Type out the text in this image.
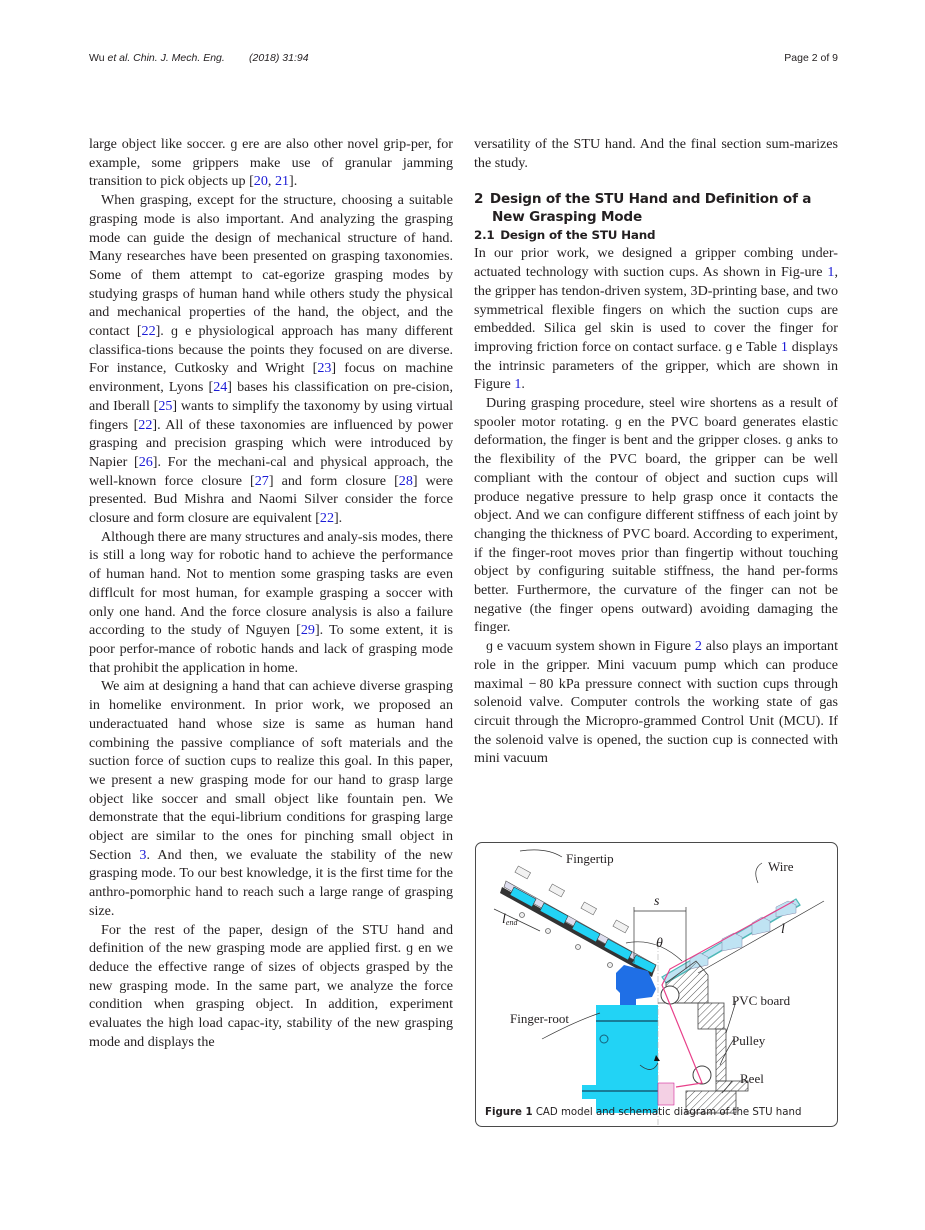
Wu et al. Chin. J. Mech. Eng. (2018) 31:94	Page 2 of 9

large object like soccer. ɡ ere are also other novel grip-per, for example, some grippers make use of granular jamming transition to pick objects up [20, 21].

When grasping, except for the structure, choosing a suitable grasping mode is also important. And analyzing the grasping mode can guide the design of mechanical structure of hand. Many researches have been presented on grasping taxonomies. Some of them attempt to cat-egorize grasping modes by studying grasps of human hand while others study the physical and mechanical properties of the hand, the object, and the contact [22]. ɡ e physiological approach has many different classifica-tions because the points they focused on are diverse. For instance, Cutkosky and Wright [23] focus on machine environment, Lyons [24] bases his classification on pre-cision, and Iberall [25] wants to simplify the taxonomy by using virtual fingers [22]. All of these taxonomies are influenced by power grasping and precision grasping which were introduced by Napier [26]. For the mechani-cal and physical approach, the well-known force closure [27] and form closure [28] were presented. Bud Mishra and Naomi Silver consider the force closure and form closure are equivalent [22].

Although there are many structures and analy-sis modes, there is still a long way for robotic hand to achieve the performance of human hand. Not to mention some grasping tasks are even difflcult for most human, for example grasping a soccer with only one hand. And the force closure analysis is also a failure according to the study of Nguyen [29]. To some extent, it is poor perfor-mance of robotic hands and lack of grasping mode that prohibit the application in home.

We aim at designing a hand that can achieve diverse grasping in homelike environment. In prior work, we proposed an underactuated hand whose size is same as human hand combining the passive compliance of soft materials and the suction force of suction cups to realize this goal. In this paper, we present a new grasping mode for our hand to grasp large object like soccer and small object like fountain pen. We demonstrate that the equi-librium conditions for grasping large object are similar to the ones for pinching small object in Section 3. And then, we evaluate the stability of the new grasping mode. To our best knowledge, it is the first time for the anthro-pomorphic hand to reach such a large range of grasping size.

For the rest of the paper, design of the STU hand and definition of the new grasping mode are applied first. ɡ en we deduce the effective range of sizes of objects grasped by the new grasping mode. In the same part, we analyze the force condition when grasping object. In addition, experiment evaluates the high load capac-ity, stability of the new grasping mode and displays the

versatility of the STU hand. And the final section sum-marizes the study.

2 Design of the STU Hand and Definition of a New Grasping Mode
2.1 Design of the STU Hand

In our prior work, we designed a gripper combing under-actuated technology with suction cups. As shown in Fig-ure 1, the gripper has tendon-driven system, 3D-printing base, and two symmetrical flexible fingers on which the suction cups are embedded. Silica gel skin is used to cover the finger for improving friction force on contact surface. ɡ e Table 1 displays the intrinsic parameters of the gripper, which are shown in Figure 1.

During grasping procedure, steel wire shortens as a result of spooler motor rotating. ɡ en the PVC board generates elastic deformation, the finger is bent and the gripper closes. ɡ anks to the flexibility of the PVC board, the gripper can be well compliant with the contour of object and suction cups will produce negative pressure to help grasp once it contacts the object. And we can configure different stiffness of each joint by changing the thickness of PVC board. According to experiment, if the finger-root moves prior than fingertip without touching object by configuring suitable stiffness, the hand per-forms better. Furthermore, the curvature of the finger can not be negative (the finger opens outward) avoiding damaging the finger.

ɡ e vacuum system shown in Figure 2 also plays an important role in the gripper. Mini vacuum pump which can produce maximal − 80 kPa pressure connect with suction cups through solenoid valve. Computer controls the working state of gas circuit through the Micropro-grammed Control Unit (MCU). If the solenoid valve is opened, the suction cup is connected with mini vacuum

Fingertip
Wire
s
l
lend
θ
PVC board
Finger-root
Pulley
Reel
Figure 1 CAD model and schematic diagram of the STU hand
